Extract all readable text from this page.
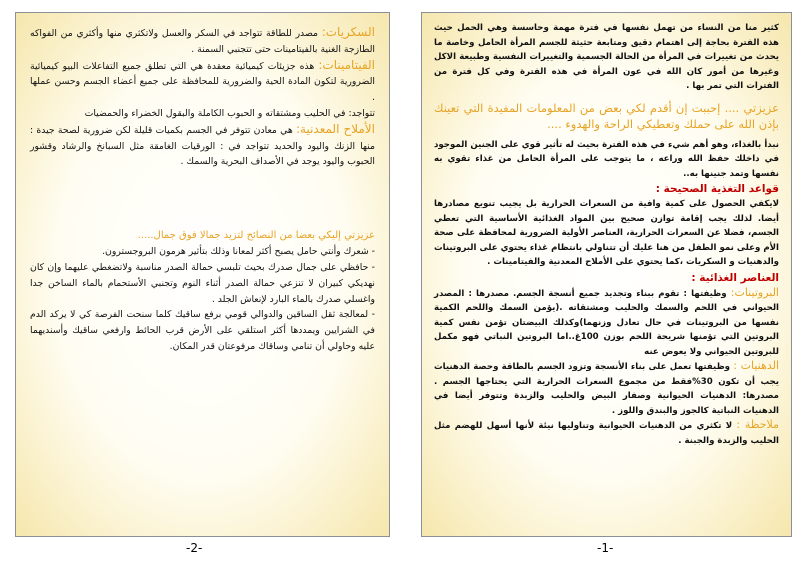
كثير منا من النساء من تهمل نفسها في فترة مهمة وحاسسة وهي الحمل حيث هذه الفترة بحاجة إلى اهتمام دقيق ومتابعة حثيثة للجسم المرأة الحامل وخاصة ما يحدث من تغييرات في المرأة من الحالة الجسمية والتغييرات النفسية وطبيعة الاكل وغيرها من أمور كان الله في عون المرأة في هذه الفترة وفي كل فترة من الفترات التي تمر بها .

عزيزتي .... إحببت إن أقدم لكي بعض من المعلومات المفيدة التي تعينك بإذن الله على حملك وتعطيكي الراحة والهدوء ....

نبدأ بالغذاء، وهو أهم شيء في هذه الفترة بحيث له تأثير قوي على الجنين الموجود في داخلك حفظ الله وراعه ، ما يتوجب على المرأة الحامل من غذاء تقوي به نفسها وتمد جنينها به..

قواعد التغذية الصحيحة :

لايكفي الحصول على كمية وافية من السعرات الحرارية بل يجيب تنويع مصادرها أيضا. لذلك يجب إقامة توازن صحيح بين المواد الغذائية الأساسية التي تعطي الجسم، فضلا عن السعرات الحرارية، العناصر الأولية الضرورية لمحافظة على صحة الأم وعلى نمو الطفل من هنا عليك أن تتناولي بانتظام غذاء يحتوي على البروتينات والدهنيات و السكريات ،كما يحتوي على الأملاح المعدنية والفيتامينات .

العناصر الغذائية :

البروتينات: وظيفتها : تقوم ببناء وتجديد جميع أنسجة الجسم. مصدرها : المصدر الحيواني في اللحم والسمك والحليب ومشتقاته .(يؤمن السمك واللحم الكمية نفسها من البروتينات في حال تعادل وزنهما)وكذلك البيضتان تؤمن نفس كمية البروتين التي تؤمنها شريحة اللحم بوزن 100غ..اما البروتين النباتي فهو مكمل للبروتين الحيواني ولا يعوض عنه

الدهنيات : وظيفتها تعمل على بناء الأنسجة وتزود الجسم بالطاقة وحصة الدهنيات يجب أن تكون 30%فقط من مجموع السعرات الحرارية التي يحتاجها الجسم . مصدرها: الدهنيات الحيوانية وصفار البيض والحليب والزبدة وتتوفر أيضا في الدهنيات النباتية كالجوز والبندق واللوز .

ملاحظة : لا تكثري من الدهنيات الحيوانية وتناوليها نيئة لأنها أسهل للهضم مثل الحليب والزبدة والجبنة .

السكريات: مصدر للطاقة تتواجد في السكر والعسل ولاتكثري منها وأكثري من الفواكه الطازجة الغنية بالفيتامينات حتى تتجنبي السمنة .

الفيتامينات: هذه جزيئات كيميائية معقدة هي التي تطلق جميع التفاعلات البيو كيميائية الضرورية لتكون المادة الحية والضرورية للمحافظة على جميع أعضاء الجسم وحسن عملها .

تتواجد: في الحليب ومشتقاته و الحبوب الكاملة والبقول الخضراء والحمضيات

الأملاح المعدنية: هي معادن تتوفر في الجسم بكميات قليلة لكن ضرورية لصحة جيدة : منها الزنك واليود والحديد تتواجد في : الورقيات الغامقة مثل السبانخ والرشاد وقشور الحبوب واليود يوجد في الأصداف البحرية والسمك .

عزيزتي إليكي بعضا من النصائح لتزيد جمالا فوق جمال.....

- شعرك وأنتي حامل يصبح أكثر لمعانا وذلك بتأثير هرمون البروجسترون.

- حافظي على جمال صدرك بحيث تلبسي حمالة الصدر مناسبة ولاتضغطي عليهما وإن كان نهديكي كبيران لا تنزعي حمالة الصدر أثناء النوم وتجنبي الأستحمام بالماء الساخن جدا واغسلي صدرك بالماء البارد لإنعاش الجلد .

- لمعالجة ثقل الساقين والدوالي قومي برفع ساقيك كلما سنحت الفرصة كي لا يركد الدم في الشرايين ويمددها أكثر استلقي على الأرض قرب الحائط وارفعي ساقيك وأسنديهما عليه وحاولي أن تنامي وساقاك مرفوعتان قدر المكان.

-2-	-1-
